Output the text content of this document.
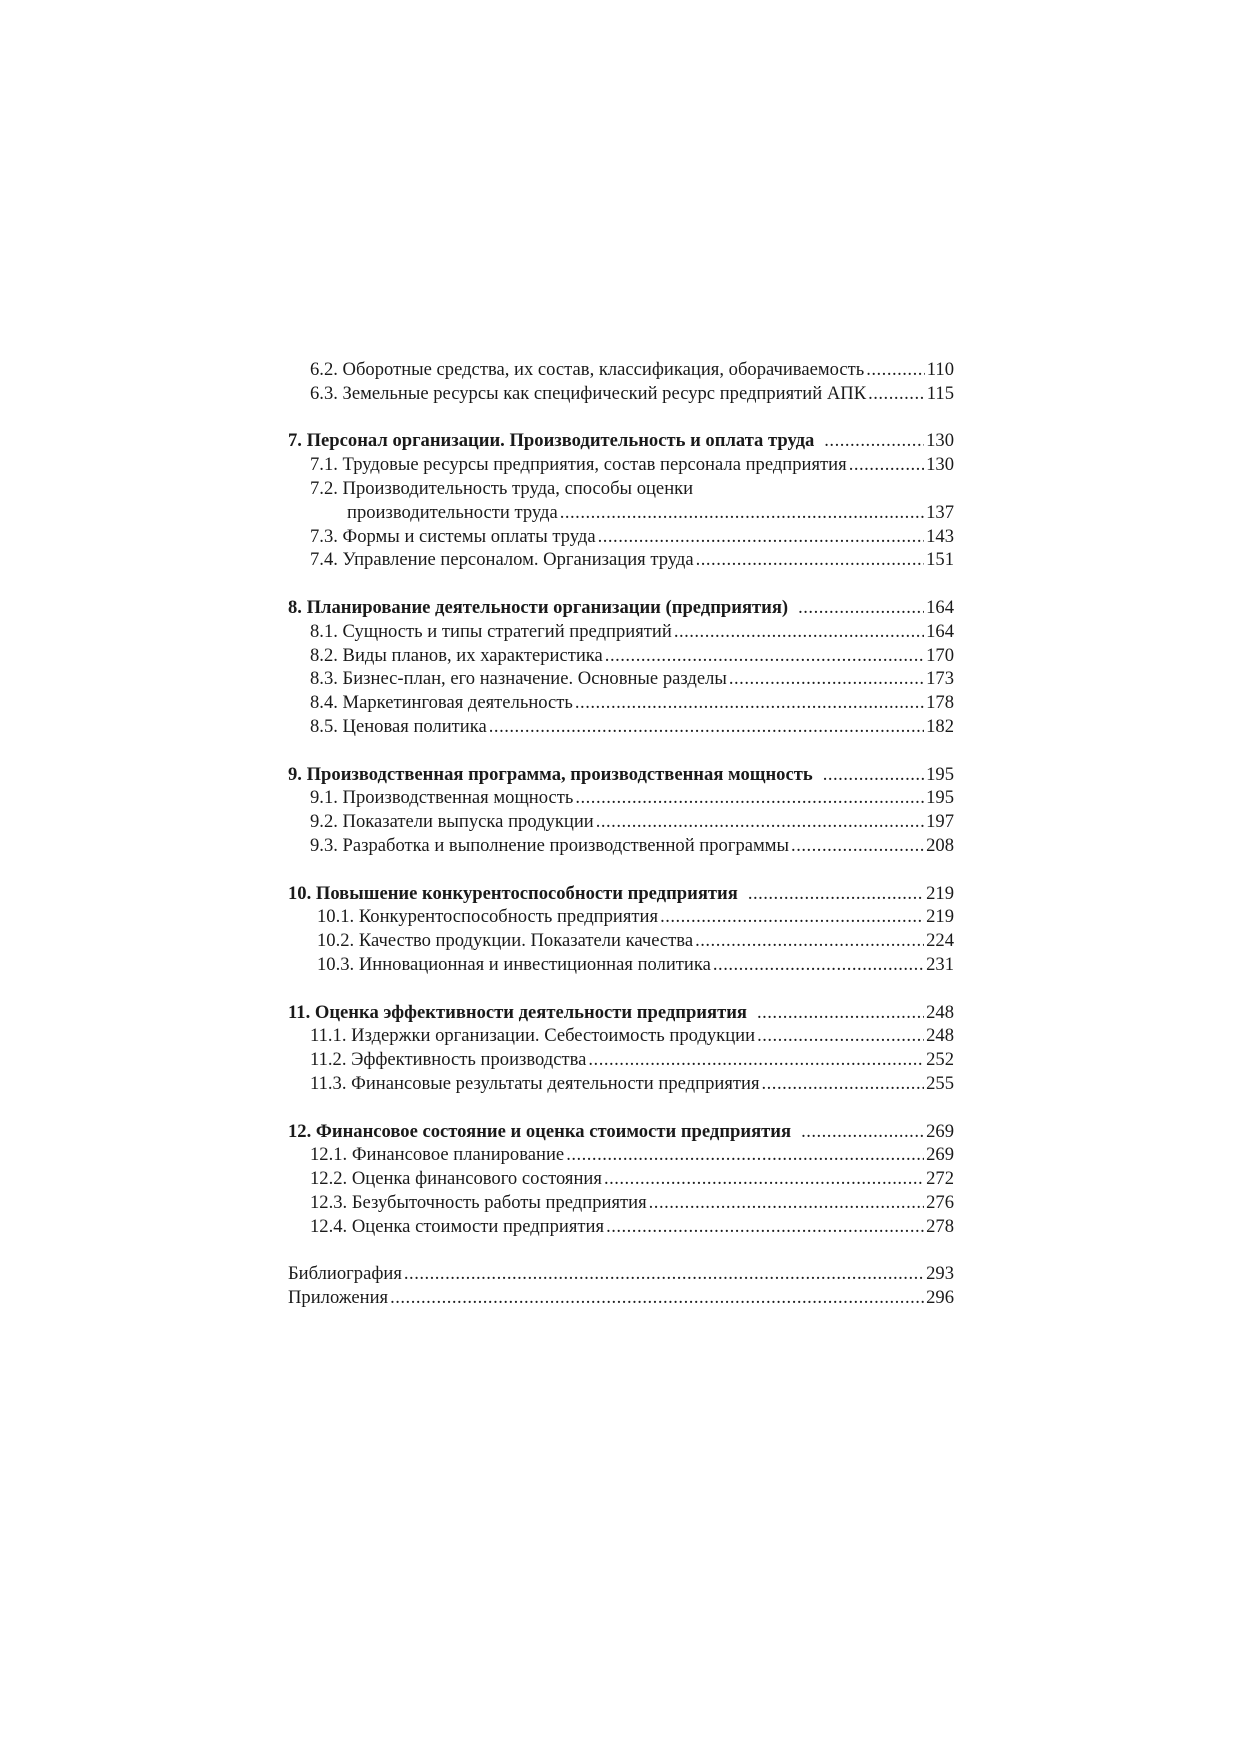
6.2. Оборотные средства, их состав, классификация, оборачиваемость .....	110
6.3. Земельные ресурсы как специфический ресурс предприятий АПК .....	115
7. Персонал организации. Производительность и оплата труда .....	130
7.1. Трудовые ресурсы предприятия, состав персонала предприятия .....	130
7.2. Производительность труда, способы оценки
производительности труда .....	137
7.3. Формы и системы оплаты труда .....	143
7.4. Управление персоналом. Организация труда .....	151
8. Планирование деятельности организации (предприятия) .....	164
8.1. Сущность и типы стратегий предприятий .....	164
8.2. Виды планов, их характеристика .....	170
8.3. Бизнес-план, его назначение. Основные разделы .....	173
8.4. Маркетинговая деятельность .....	178
8.5. Ценовая политика .....	182
9. Производственная программа, производственная мощность .....	195
9.1. Производственная мощность .....	195
9.2. Показатели выпуска продукции .....	197
9.3. Разработка и выполнение производственной программы .....	208
10. Повышение конкурентоспособности предприятия .....	219
10.1. Конкурентоспособность предприятия .....	219
10.2. Качество продукции. Показатели качества .....	224
10.3. Инновационная и инвестиционная политика .....	231
11. Оценка эффективности деятельности предприятия .....	248
11.1. Издержки организации. Себестоимость продукции .....	248
11.2. Эффективность производства .....	252
11.3. Финансовые результаты деятельности предприятия .....	255
12. Финансовое состояние и оценка стоимости предприятия .....	269
12.1. Финансовое планирование .....	269
12.2. Оценка финансового состояния .....	272
12.3. Безубыточность работы предприятия .....	276
12.4. Оценка стоимости предприятия .....	278
Библиография .....	293
Приложения .....	296
